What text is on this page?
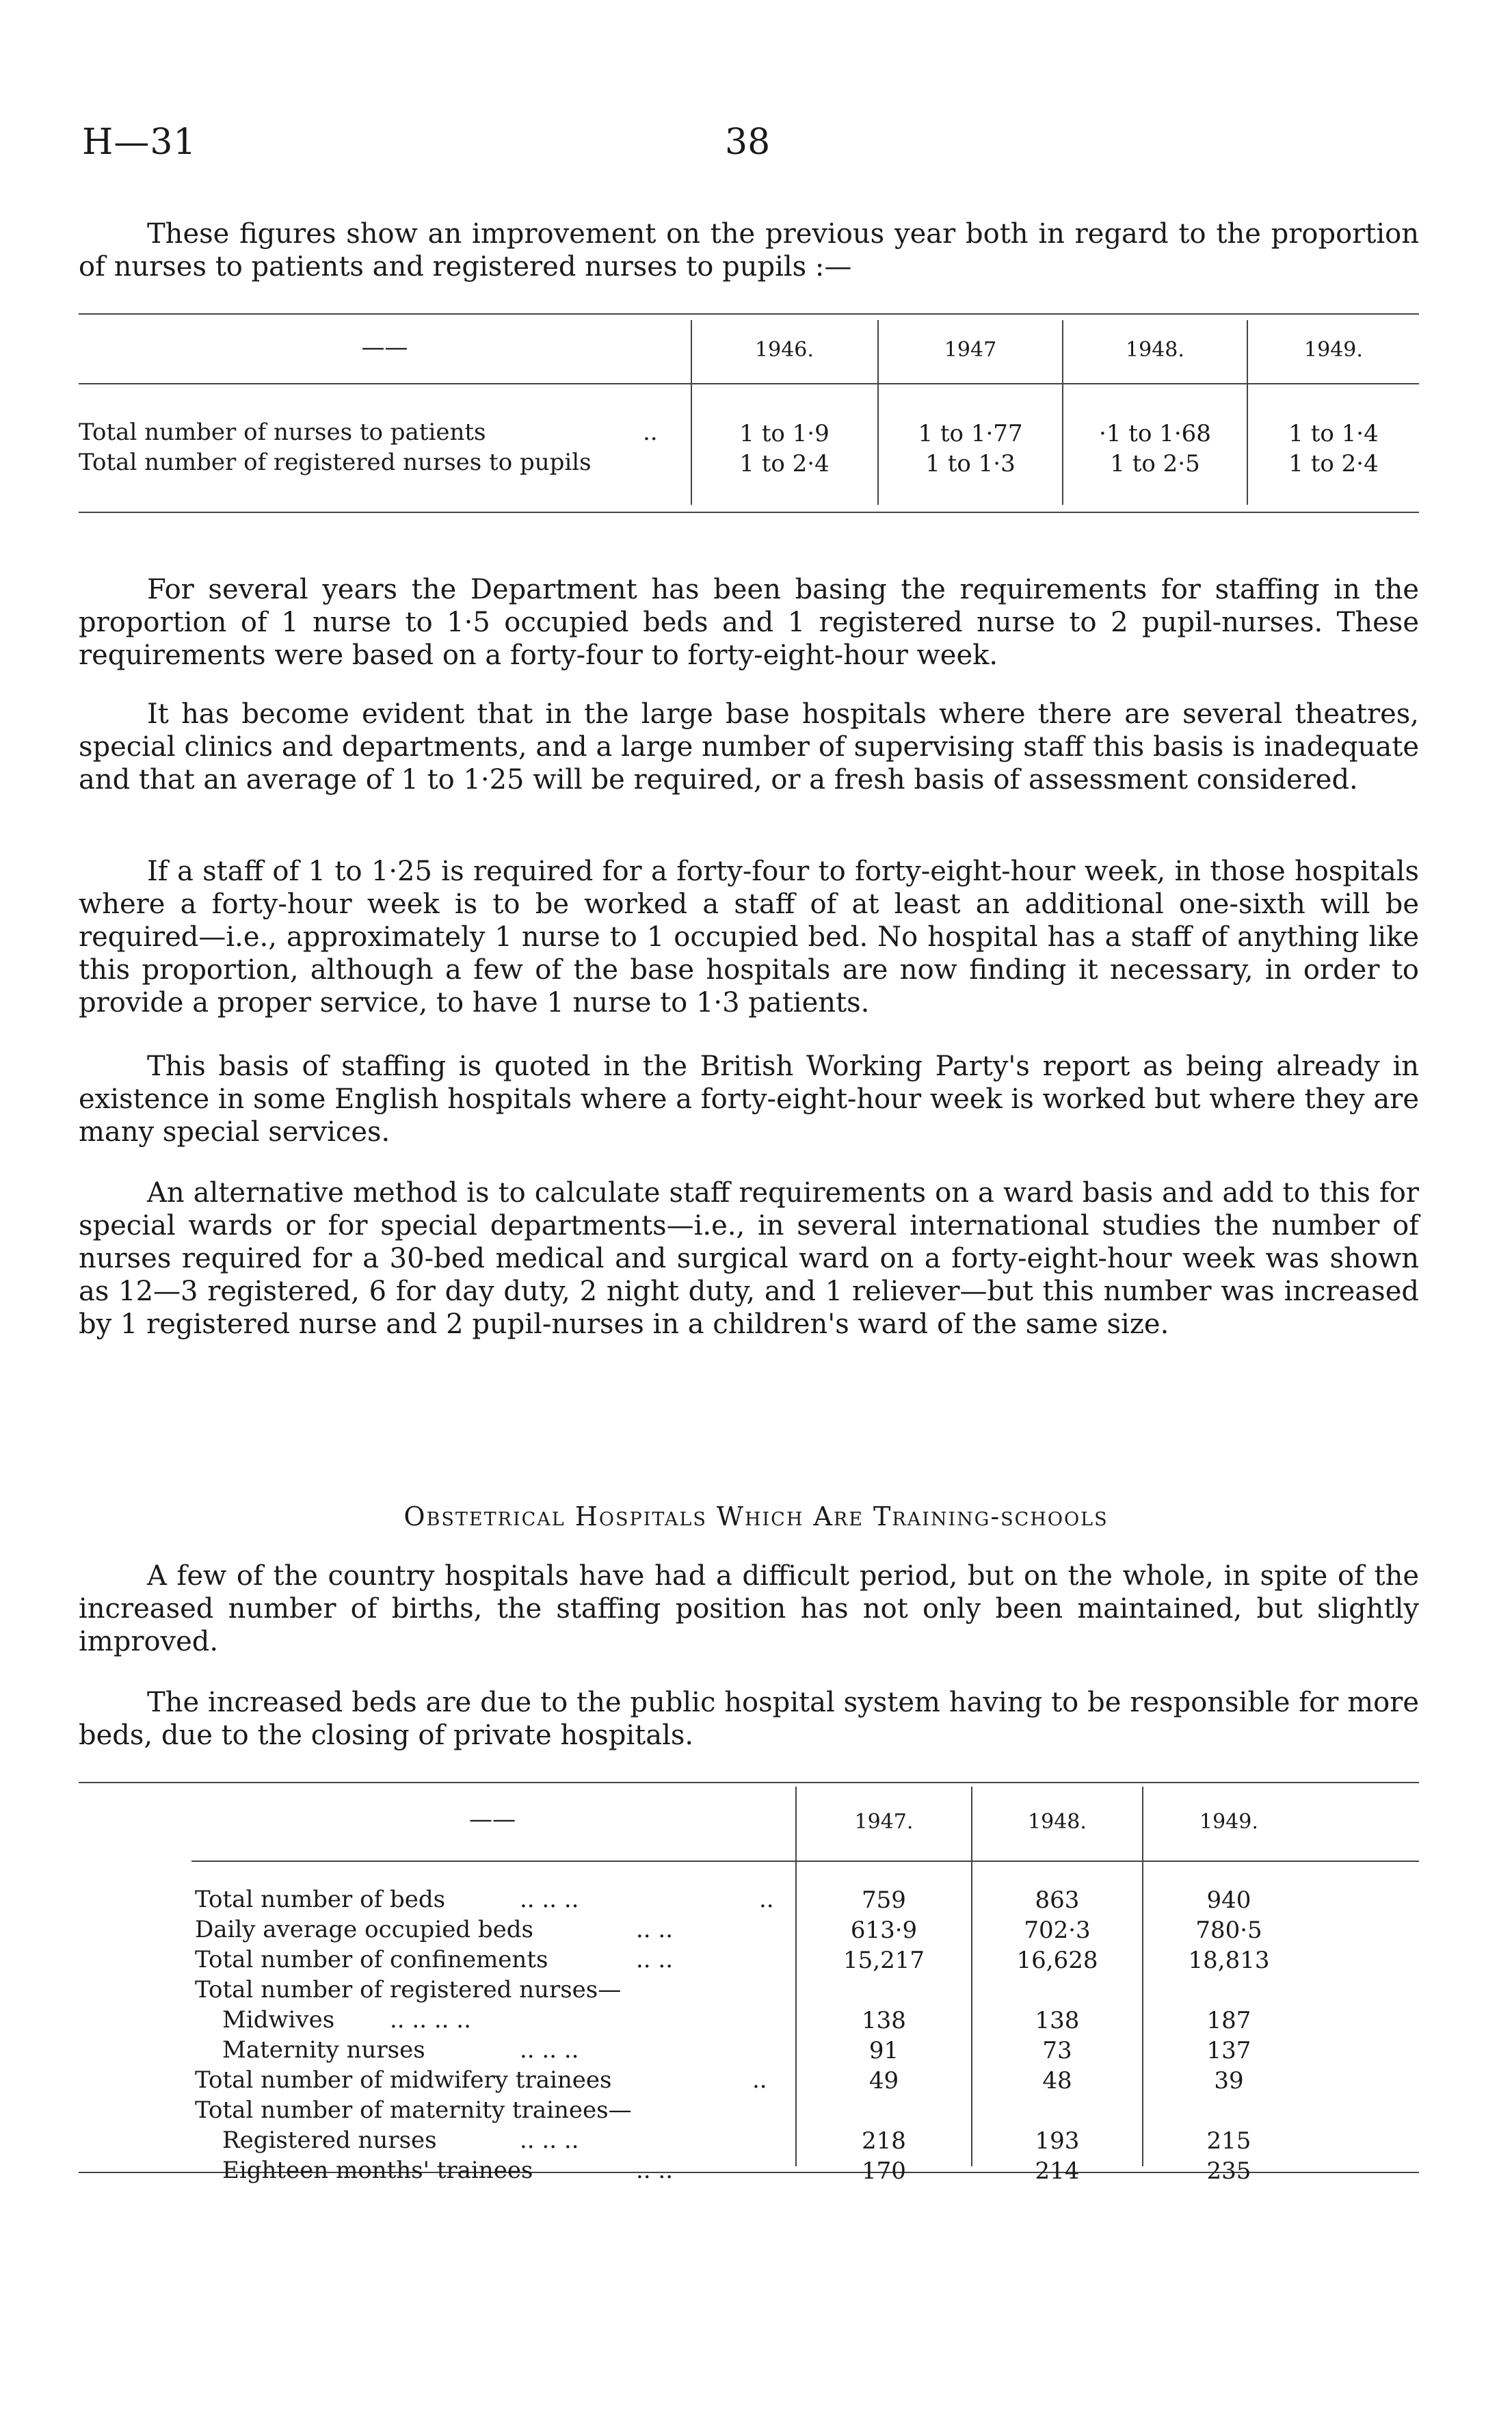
H—31	38

These figures show an improvement on the previous year both in regard to the proportion of nurses to patients and registered nurses to pupils :—

——	1946.	1947	1948.	1949.
Total number of nurses to patients	..	1 to 1·9	1 to 1·77	·1 to 1·68	1 to 1·4
Total number of registered nurses to pupils	1 to 2·4	1 to 1·3	1 to 2·5	1 to 2·4

For several years the Department has been basing the requirements for staffing in the proportion of 1 nurse to 1·5 occupied beds and 1 registered nurse to 2 pupil-nurses. These requirements were based on a forty-four to forty-eight-hour week.

It has become evident that in the large base hospitals where there are several theatres, special clinics and departments, and a large number of supervising staff this basis is inadequate and that an average of 1 to 1·25 will be required, or a fresh basis of assessment considered.

If a staff of 1 to 1·25 is required for a forty-four to forty-eight-hour week, in those hospitals where a forty-hour week is to be worked a staff of at least an additional one-sixth will be required—i.e., approximately 1 nurse to 1 occupied bed. No hospital has a staff of anything like this proportion, although a few of the base hospitals are now finding it necessary, in order to provide a proper service, to have 1 nurse to 1·3 patients.

This basis of staffing is quoted in the British Working Party's report as being already in existence in some English hospitals where a forty-eight-hour week is worked but where they are many special services.

An alternative method is to calculate staff requirements on a ward basis and add to this for special wards or for special departments—i.e., in several international studies the number of nurses required for a 30-bed medical and surgical ward on a forty-eight-hour week was shown as 12—3 registered, 6 for day duty, 2 night duty, and 1 reliever—but this number was increased by 1 registered nurse and 2 pupil-nurses in a children's ward of the same size.

Obstetrical Hospitals Which Are Training-schools

A few of the country hospitals have had a difficult period, but on the whole, in spite of the increased number of births, the staffing position has not only been maintained, but slightly improved.

The increased beds are due to the public hospital system having to be responsible for more beds, due to the closing of private hospitals.

——	1947.	1948.	1949.
Total number of beds	.. .. ..	..	759	863	940
Daily average occupied beds	.. ..	613·9	702·3	780·5
Total number of confinements	.. ..	15,217	16,628	18,813
Total number of registered nurses—
Midwives .. .. .. ..	138	138	187
Maternity nurses	.. .. ..	91	73	137
Total number of midwifery trainees	..	49	48	39
Total number of maternity trainees—
Registered nurses	.. .. ..	218	193	215
Eighteen months' trainees	.. ..	170	214	235
